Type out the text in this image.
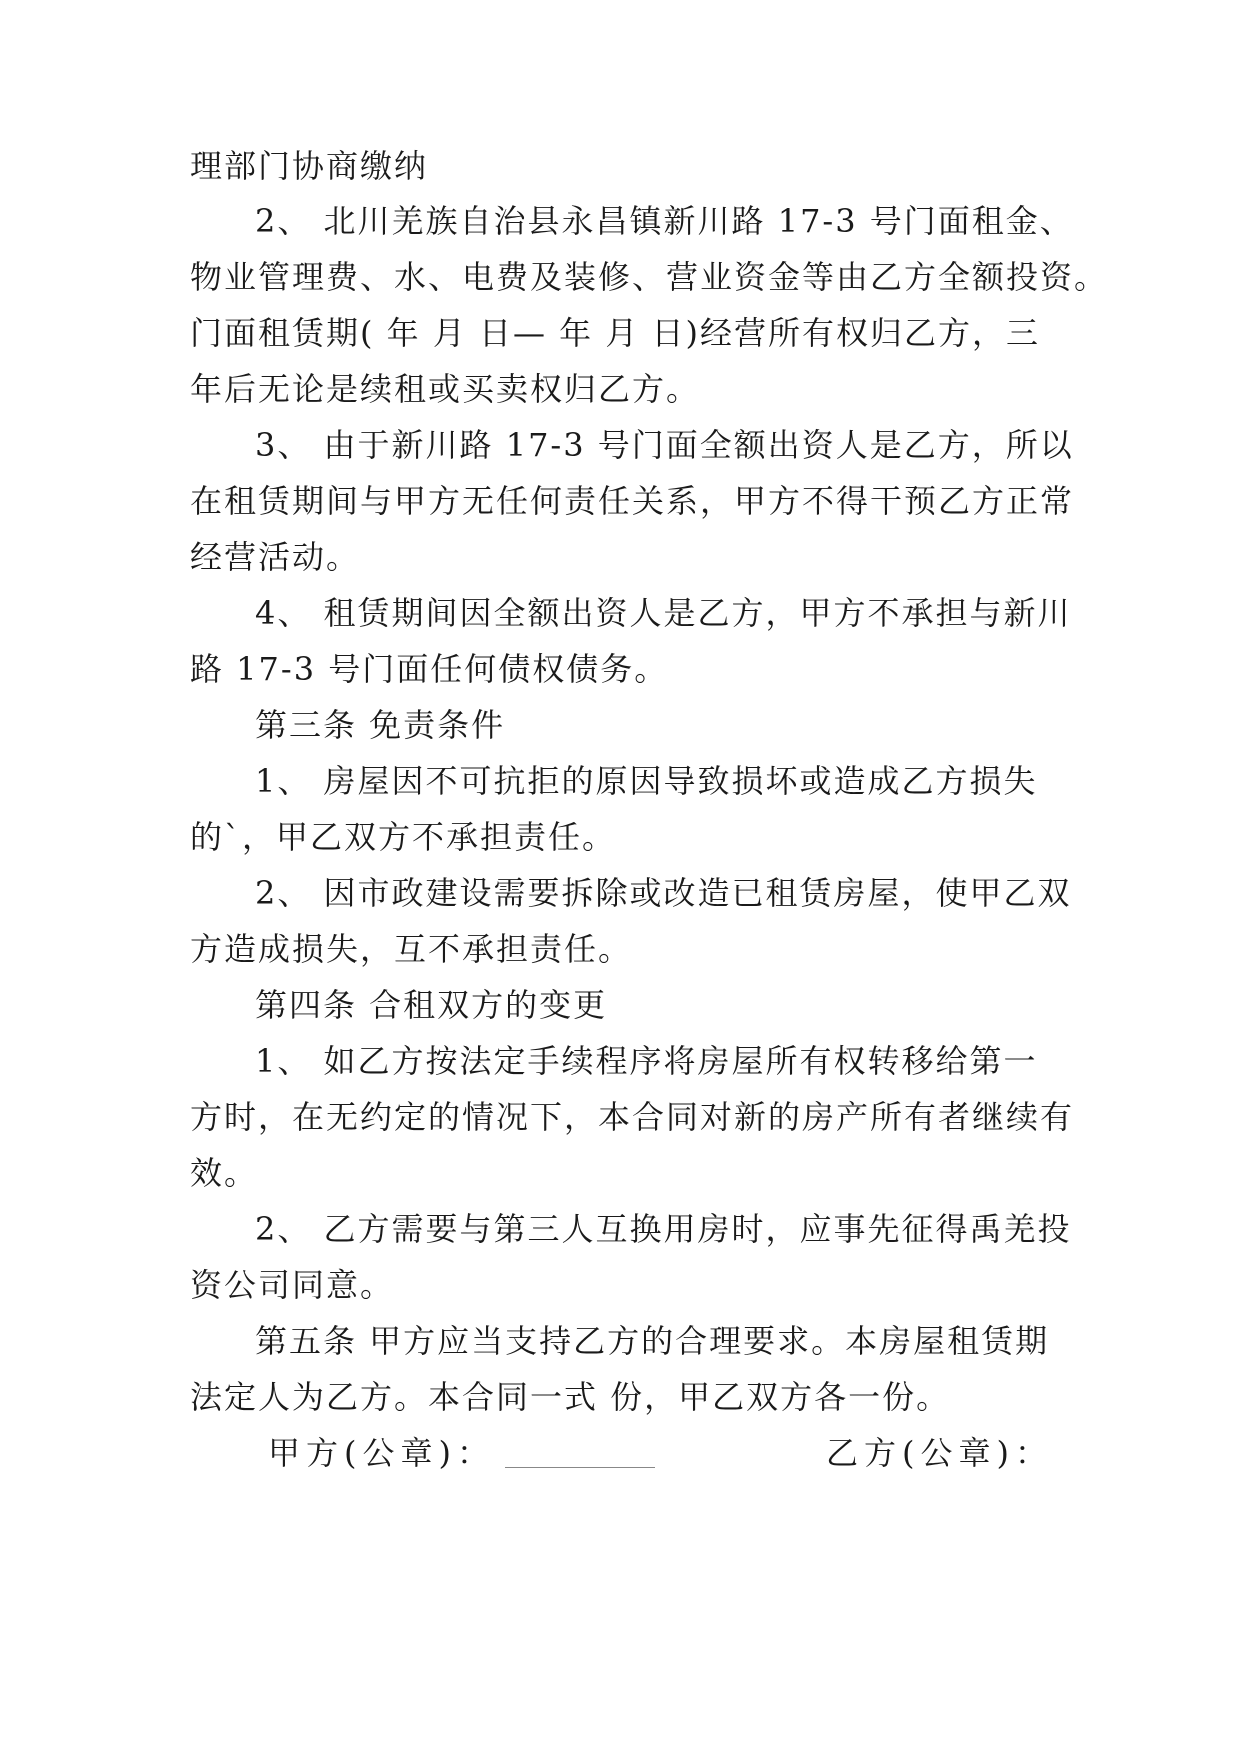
理部门协商缴纳
2、 北川羌族自治县永昌镇新川路 17-3 号门面租金、
物业管理费、水、电费及装修、营业资金等由乙方全额投资。
门面租赁期( 年 月 日— 年 月 日)经营所有权归乙方，三
年后无论是续租或买卖权归乙方。
3、 由于新川路 17-3 号门面全额出资人是乙方，所以
在租赁期间与甲方无任何责任关系，甲方不得干预乙方正常
经营活动。
4、 租赁期间因全额出资人是乙方，甲方不承担与新川
路 17-3 号门面任何债权债务。
第三条 免责条件
1、 房屋因不可抗拒的原因导致损坏或造成乙方损失
的`，甲乙双方不承担责任。
2、 因市政建设需要拆除或改造已租赁房屋，使甲乙双
方造成损失，互不承担责任。
第四条 合租双方的变更
1、 如乙方按法定手续程序将房屋所有权转移给第一
方时，在无约定的情况下，本合同对新的房产所有者继续有
效。
2、 乙方需要与第三人互换用房时，应事先征得禹羌投
资公司同意。
第五条 甲方应当支持乙方的合理要求。本房屋租赁期
法定人为乙方。本合同一式 份，甲乙双方各一份。
甲方(公章)：	乙方(公章)：
